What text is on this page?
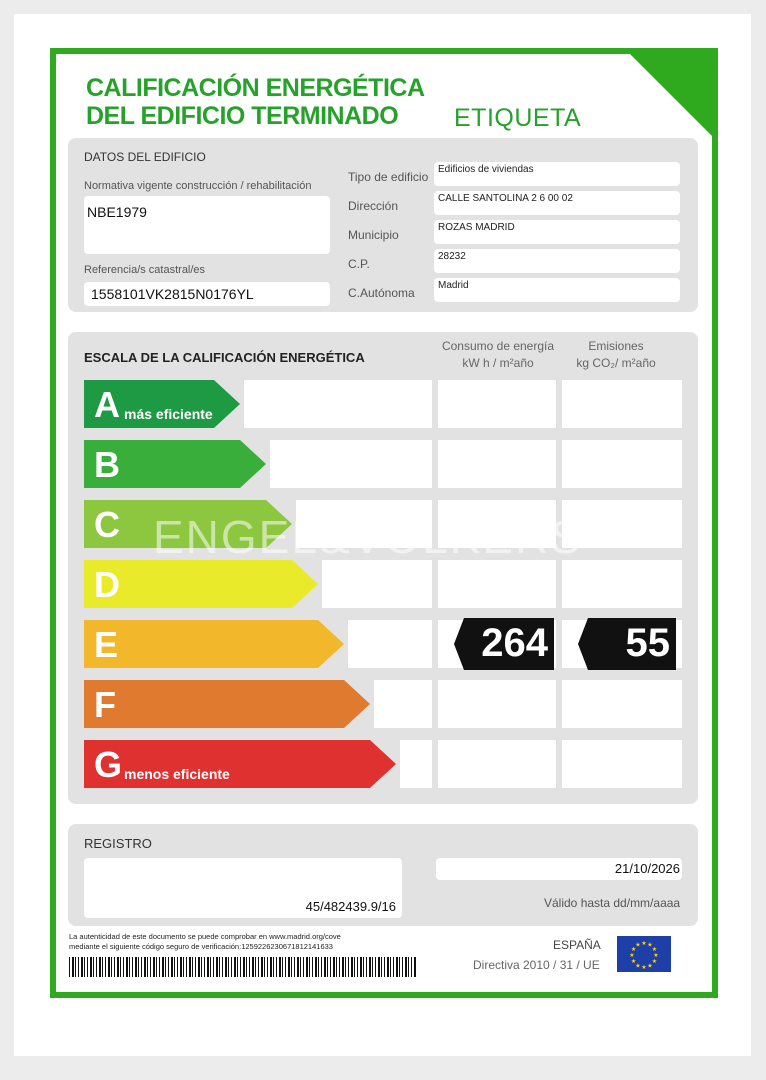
CALIFICACIÓN ENERGÉTICA
DEL EDIFICIO TERMINADO ETIQUETA
DATOS DEL EDIFICIO
Normativa vigente construcción / rehabilitación
NBE1979
Referencia/s catastral/es
1558101VK2815N0176YL
Tipo de edificio
Edificios de viviendas
Dirección
CALLE SANTOLINA 2 6 00 02
Municipio
ROZAS MADRID
C.P.
28232
C.Autónoma
Madrid
ESCALA DE LA CALIFICACIÓN ENERGÉTICA
Consumo de energía
kW h / m²año
Emisiones
kg CO₂/ m²año
A más eficiente
B
C
D
E
F
G menos eficiente
ENGEL&VÖLKERS
264 55
REGISTRO
45/482439.9/16
21/10/2026
Válido hasta dd/mm/aaaa
La autenticidad de este documento se puede comprobar en www.madrid.org/cove
mediante el siguiente código seguro de verificación:1259226230671812141633	ESPAÑA
Directiva 2010 / 31 / UE
★ ★
★
★
★
★
★
★
★
★
★
★
